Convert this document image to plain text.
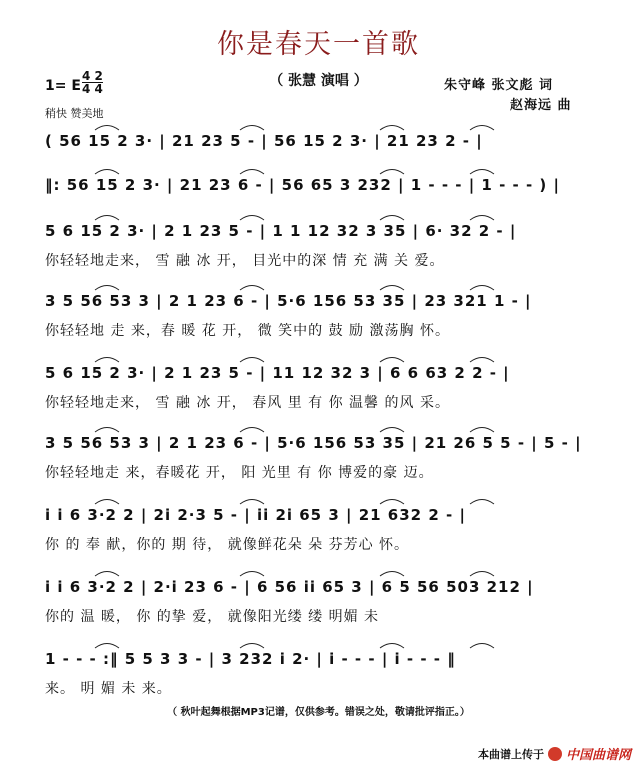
你是春天一首歌
（ 张慧 演唱 ）
1= E
4 2
4 4
稍快 赞美地
朱守峰 张文彪 词
赵海远 曲
( 56 15 2 3· | 21 23 5 - | 56 15 2 3· | 21 23 2 - |
‖: 56 15 2 3· | 21 23 6 - | 56 65 3 232 | 1 - - - | 1 - - - ) |
5 6 15 2 3· | 2 1 23 5 - | 1 1 12 32 3 35 | 6· 32 2 - |
你轻轻地走来， 雪 融 冰 开， 目光中的深 情 充 满 关 爱。
3 5 56 53 3 | 2 1 23 6 - | 5·6 156 53 35 | 23 321 1 - |
你轻轻地 走 来，春 暖 花 开， 微 笑中的 鼓 励 激荡胸 怀。
5 6 15 2 3· | 2 1 23 5 - | 11 12 32 3 | 6 6 63 2 2 - |
你轻轻地走来， 雪 融 冰 开， 春风 里 有 你 温馨 的风 采。
3 5 56 53 3 | 2 1 23 6 - | 5·6 156 53 35 | 21 26 5 5 - | 5 - |
你轻轻地走 来，春暖花 开， 阳 光里 有 你 博爱的豪 迈。
i i 6 3·2 2 | 2i 2·3 5 - | ii 2i 65 3 | 21 632 2 - |
你 的 奉 献，你的 期 待， 就像鲜花朵 朵 芬芳心 怀。
i i 6 3·2 2 | 2·i 23 6 - | 6 56 ii 65 3 | 6 5 56 503 212 |
你的 温 暖， 你 的挚 爱， 就像阳光缕 缕 明媚 未
1 - - - :‖ 5 5 3 3 - | 3 232 i 2· | i - - - | i - - - ‖
来。 明 媚 未 来。
（ 秋叶起舞根据MP3记谱，仅供参考。错误之处，敬请批评指正。）
本曲谱上传于 中国曲谱网
